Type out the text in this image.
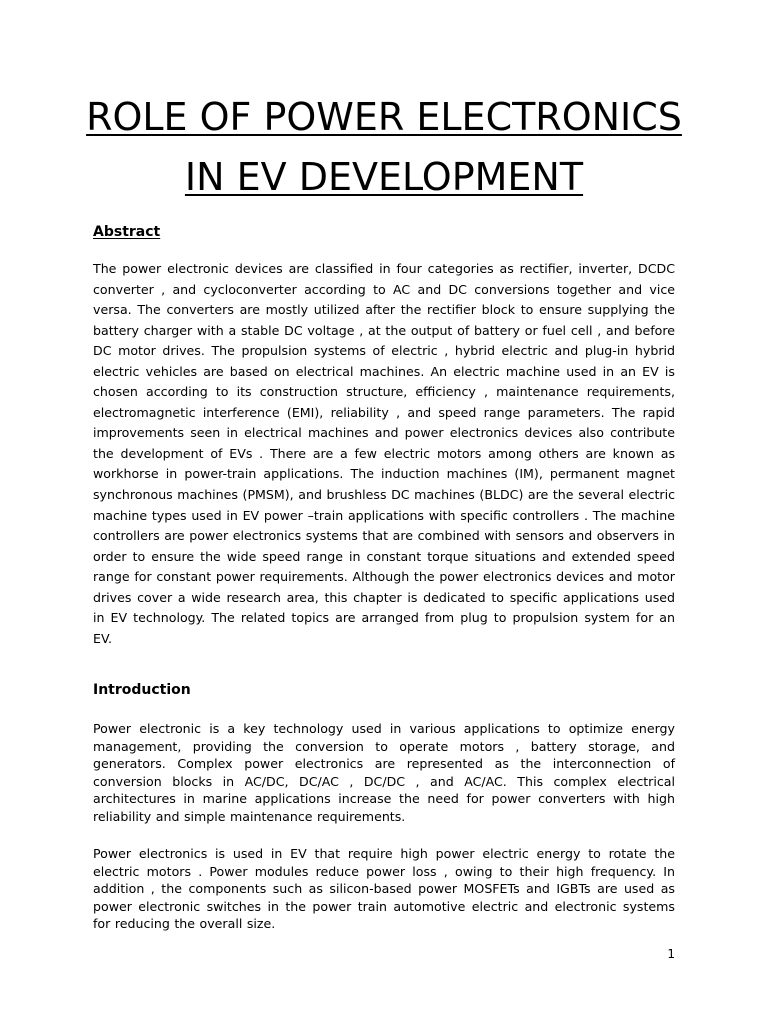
ROLE OF POWER ELECTRONICS
IN EV DEVELOPMENT
Abstract
The power electronic devices are classified in four categories as rectifier, inverter, DCDC converter , and cycloconverter according to AC and DC conversions together and vice versa. The converters are mostly utilized after the rectifier block to ensure supplying the battery charger with a stable DC voltage , at the output of battery or fuel cell , and before DC motor drives. The propulsion systems of electric , hybrid electric and plug-in hybrid electric vehicles are based on electrical machines. An electric machine used in an EV is chosen according to its construction structure, efficiency , maintenance requirements, electromagnetic interference (EMI), reliability , and speed range parameters. The rapid improvements seen in electrical machines and power electronics devices also contribute the development of EVs . There are a few electric motors among others are known as workhorse in power-train applications. The induction machines (IM), permanent magnet synchronous machines (PMSM), and brushless DC machines (BLDC) are the several electric machine types used in EV power –train applications with specific controllers . The machine controllers are power electronics systems that are combined with sensors and observers in order to ensure the wide speed range in constant torque situations and extended speed range for constant power requirements. Although the power electronics devices and motor drives cover a wide research area, this chapter is dedicated to specific applications used in EV technology. The related topics are arranged from plug to propulsion system for an EV.
Introduction
Power electronic is a key technology used in various applications to optimize energy management, providing the conversion to operate motors , battery storage, and generators. Complex power electronics are represented as the interconnection of conversion blocks in AC/DC, DC/AC , DC/DC , and AC/AC. This complex electrical architectures in marine applications increase the need for power converters with high reliability and simple maintenance requirements.
Power electronics is used in EV that require high power electric energy to rotate the electric motors . Power modules reduce power loss , owing to their high frequency. In addition , the components such as silicon-based power MOSFETs and IGBTs are used as power electronic switches in the power train automotive electric and electronic systems for reducing the overall size.
1
